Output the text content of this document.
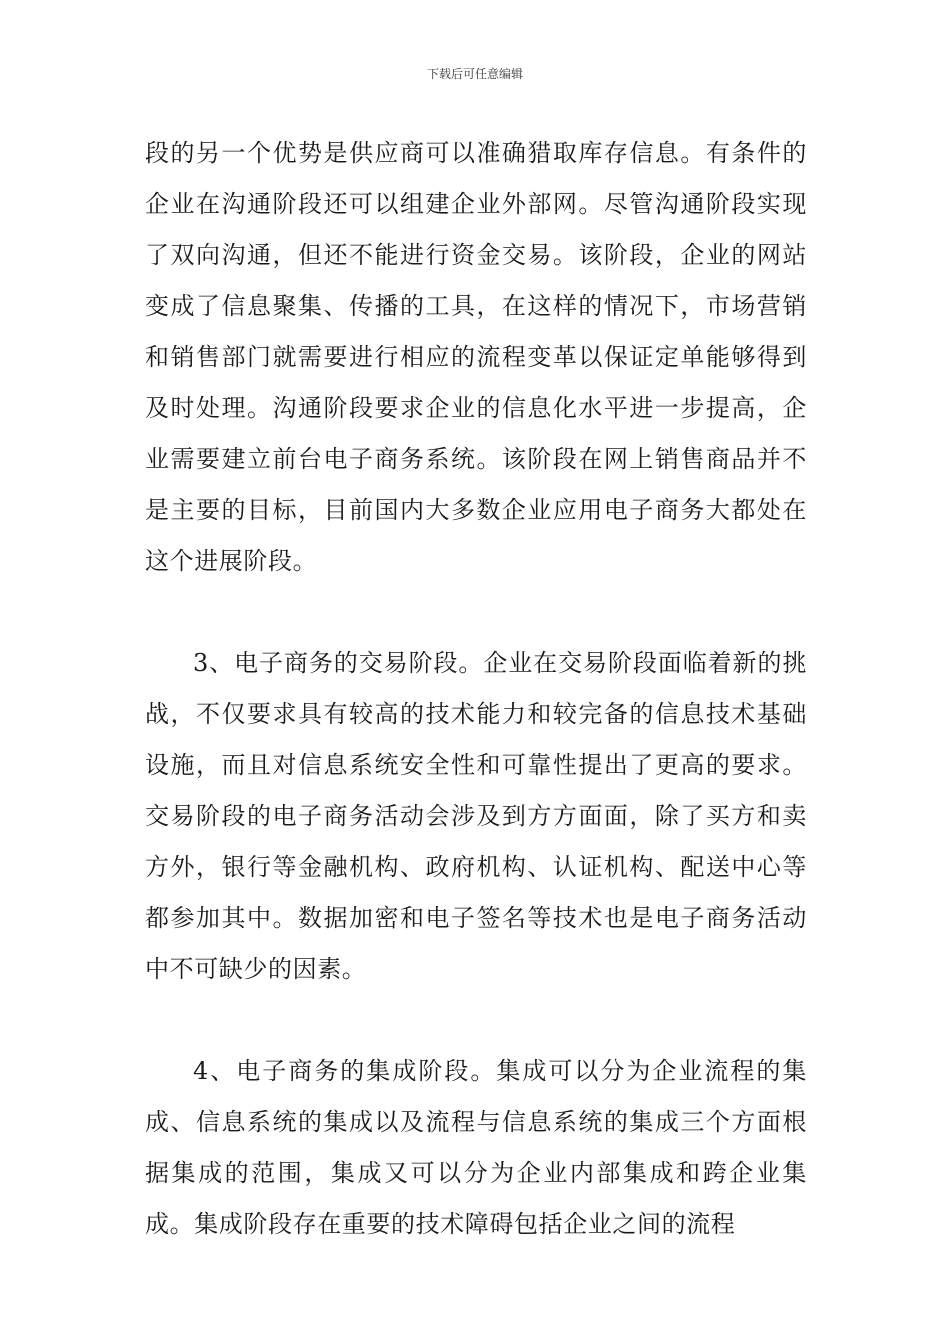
下载后可任意编辑

段的另一个优势是供应商可以准确猎取库存信息。有条件的企业在沟通阶段还可以组建企业外部网。尽管沟通阶段实现了双向沟通，但还不能进行资金交易。该阶段，企业的网站变成了信息聚集、传播的工具，在这样的情况下，市场营销和销售部门就需要进行相应的流程变革以保证定单能够得到及时处理。沟通阶段要求企业的信息化水平进一步提高，企业需要建立前台电子商务系统。该阶段在网上销售商品并不是主要的目标，目前国内大多数企业应用电子商务大都处在这个进展阶段。

3、电子商务的交易阶段。企业在交易阶段面临着新的挑战，不仅要求具有较高的技术能力和较完备的信息技术基础设施，而且对信息系统安全性和可靠性提出了更高的要求。交易阶段的电子商务活动会涉及到方方面面，除了买方和卖方外，银行等金融机构、政府机构、认证机构、配送中心等都参加其中。数据加密和电子签名等技术也是电子商务活动中不可缺少的因素。

4、电子商务的集成阶段。集成可以分为企业流程的集成、信息系统的集成以及流程与信息系统的集成三个方面根据集成的范围，集成又可以分为企业内部集成和跨企业集成。集成阶段存在重要的技术障碍包括企业之间的流程
